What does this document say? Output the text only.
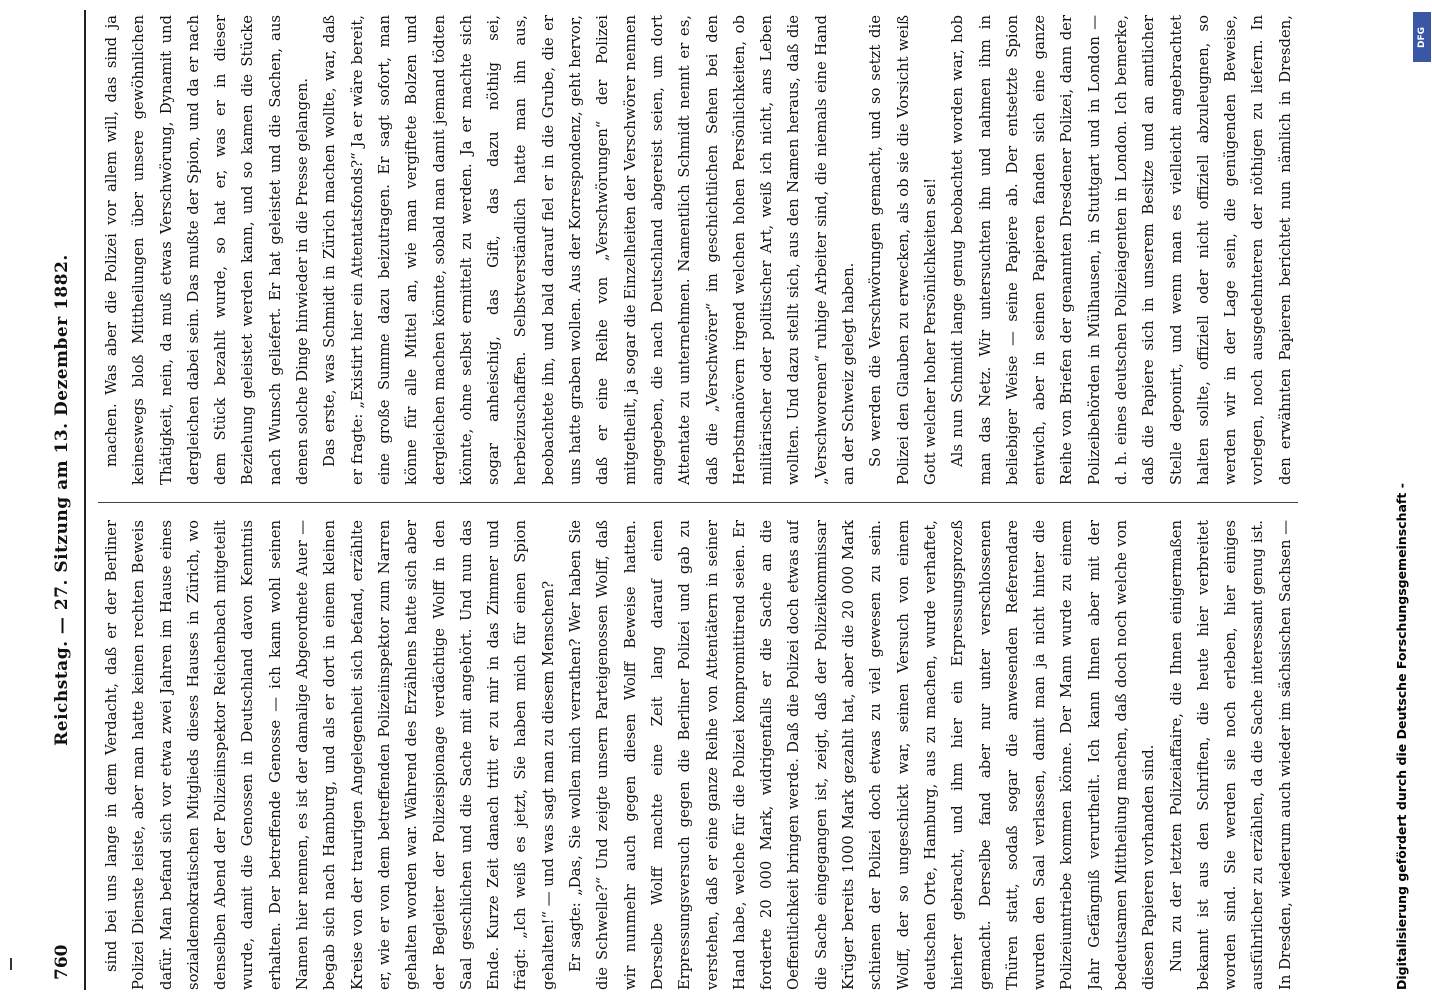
760
Reichstag. — 27. Sitzung am 13. Dezember 1882.

sind bei uns lange in dem Verdacht, daß er der Berliner Polizei Dienste leiste, aber man hatte keinen rechten Beweis dafür. Man befand sich vor etwa zwei Jahren im Hause eines sozialdemokratischen Mitglieds dieses Hauses in Zürich, wo denselben Abend der Polizeiinspektor Reichenbach mitgeteilt wurde, damit die Genossen in Deutschland davon Kenntnis erhalten. Der betreffende Genosse — ich kann wohl seinen Namen hier nennen, es ist der damalige Abgeordnete Auer — begab sich nach Hamburg, und als er dort in einem kleinen Kreise von der traurigen Angelegenheit sich befand, erzählte er, wie er von dem betreffenden Polizeiinspektor zum Narren gehalten worden war. Während des Erzählens hatte sich aber der Begleiter der Polizeispionage verdächtige Wolff in den Saal geschlichen und die Sache mit angehört. Und nun das Ende. Kurze Zeit danach tritt er zu mir in das Zimmer und frägt: „Ich weiß es jetzt, Sie haben mich für einen Spion gehalten!“ — und was sagt man zu diesem Menschen? Er sagte: „Das, Sie wollen mich verrathen? Wer haben Sie die Schwelle?“ Und zeigte unsern Parteigenossen Wolff, daß wir nunmehr auch gegen diesen Wolff Beweise hatten. Derselbe Wolff machte eine Zeit lang darauf einen Erpressungsversuch gegen die Berliner Polizei und gab zu verstehen, daß er eine ganze Reihe von Attentätern in seiner Hand habe, welche für die Polizei kompromittirend seien. Er forderte 20 000 Mark, widrigenfalls er die Sache an die Oeffentlichkeit bringen werde. Daß die Polizei doch etwas auf die Sache eingegangen ist, zeigt, daß der Polizeikommissar Krüger bereits 1000 Mark gezahlt hat, aber die 20 000 Mark schienen der Polizei doch etwas zu viel gewesen zu sein. Wolff, der so ungeschickt war, seinen Versuch von einem deutschen Orte, Hamburg, aus zu machen, wurde verhaftet, hierher gebracht, und ihm hier ein Erpressungsprozeß gemacht. Derselbe fand aber nur unter verschlossenen Thüren statt, sodaß sogar die anwesenden Referendare wurden den Saal verlassen, damit man ja nicht hinter die Polizeiumtriebe kommen könne. Der Mann wurde zu einem Jahr Gefängniß verurtheilt. Ich kann Ihnen aber mit der bedeutsamen Mittheilung machen, daß doch noch welche von diesen Papieren vorhanden sind. Nun zu der letzten Polizeiaffaire, die Ihnen einigermaßen bekannt ist aus den Schriften, die heute hier verbreitet worden sind. Sie werden sie noch erleben, hier einiges ausführlicher zu erzählen, da die Sache interessant genug ist. In Dresden, wiederum auch wieder im sächsischen Sachsen —

machen. Was aber die Polizei vor allem will, das sind ja keineswegs bloß Mittheilungen über unsere gewöhnlichen Thätigkeit, nein, da muß etwas Verschwörung, Dynamit und dergleichen dabei sein. Das mußte der Spion, und da er nach dem Stück bezahlt wurde, so hat er, was er in dieser Beziehung geleistet werden kann, und so kamen die Stücke nach Wunsch geliefert. Er hat geleistet und die Sachen, aus denen solche Dinge hinwieder in die Presse gelangen. Das erste, was Schmidt in Zürich machen wollte, war, daß er fragte: „Existirt hier ein Attentatsfonds?“ Ja er wäre bereit, eine große Summe dazu beizutragen. Er sagt sofort, man könne für alle Mittel an, wie man vergiftete Bolzen und dergleichen machen könnte, sobald man damit jemand tödten könnte, ohne selbst ermittelt zu werden. Ja er machte sich sogar anheischig, das Gift, das dazu nöthig sei, herbeizuschaffen. Selbstverständlich hatte man ihn aus, beobachtete ihn, und bald darauf fiel er in die Grube, die er uns hatte graben wollen. Aus der Korrespondenz, geht hervor, daß er eine Reihe von „Verschwörungen“ der Polizei mitgetheilt, ja sogar die Einzelheiten der Verschwörer nennen angegeben, die nach Deutschland abgereist seien, um dort Attentate zu unternehmen. Namentlich Schmidt nennt er es, daß die „Verschwörer“ im geschichtlichen Sehen bei den Herbstmanövern irgend welchen hohen Persönlichkeiten, ob militärischer oder politischer Art, weiß ich nicht, ans Leben wollten. Und dazu stellt sich, aus den Namen heraus, daß die „Verschworenen“ ruhige Arbeiter sind, die niemals eine Hand an der Schweiz gelegt haben. So werden die Verschwörungen gemacht, und so setzt die Polizei den Glauben zu erwecken, als ob sie die Vorsicht weiß Gott welcher hoher Persönlichkeiten sei! Als nun Schmidt lange genug beobachtet worden war, hob man das Netz. Wir untersuchten ihn und nahmen ihm in beliebiger Weise — seine Papiere ab. Der entsetzte Spion entwich, aber in seinen Papieren fanden sich eine ganze Reihe von Briefen der genannten Dresdener Polizei, dann der Polizeibehörden in Mülhausen, in Stuttgart und in London — d. h. eines deutschen Polizeiagenten in London. Ich bemerke, daß die Papiere sich in unserem Besitze und an amtlicher Stelle deponirt, und wenn man es vielleicht angebrachtet halten sollte, offiziell oder nicht offiziell abzuleugnen, so werden wir in der Lage sein, die genügenden Beweise, vorlegen, noch ausgedehnteren der nöthigen zu liefern. In den erwähnten Papieren berichtet nun nämlich in Dresden,

Digitalisierung gefördert durch die Deutsche Forschungsgemeinschaft -
DFG
